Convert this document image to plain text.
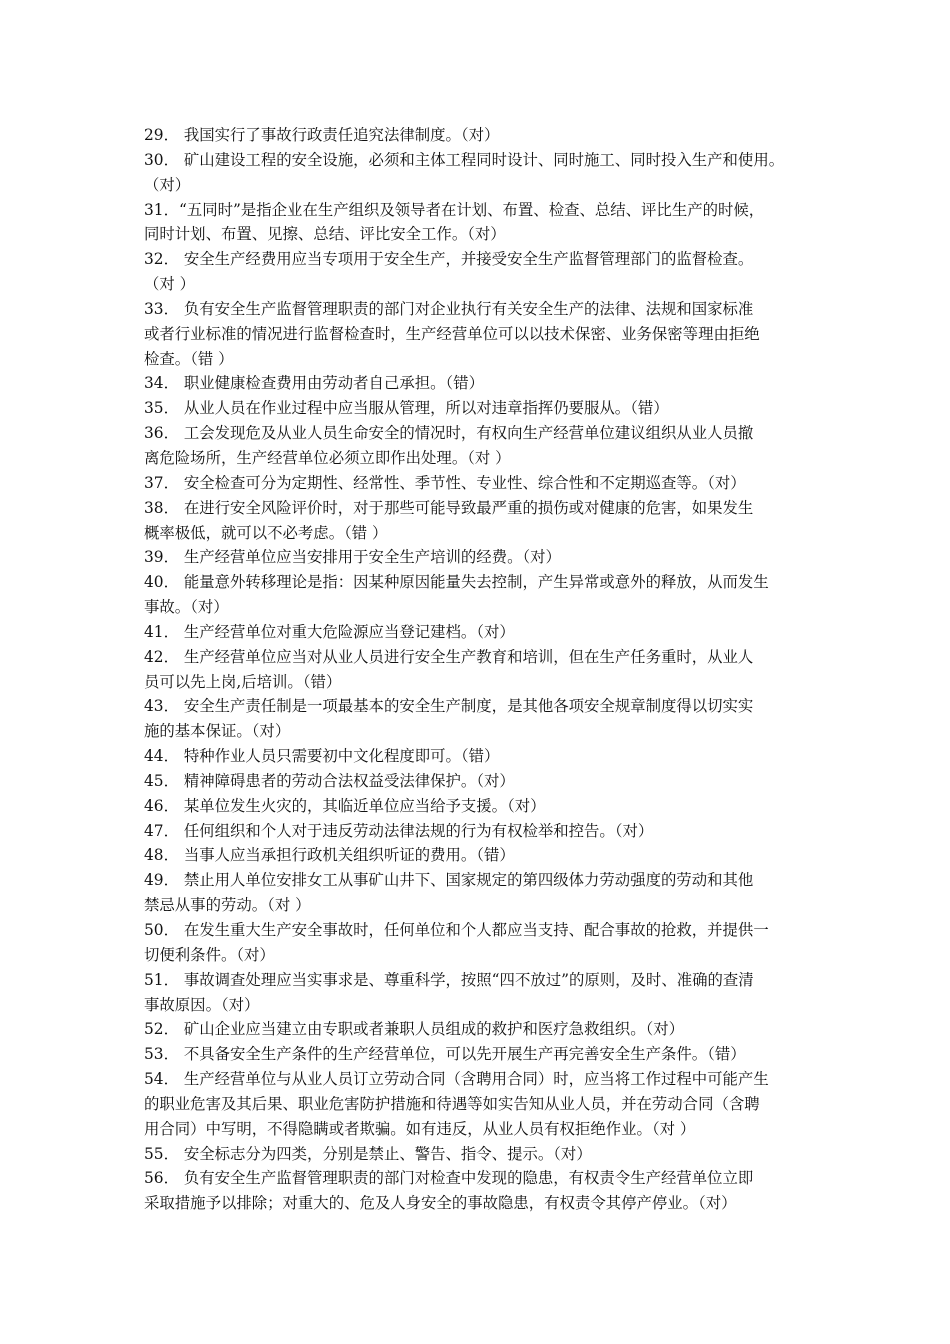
29． 我国实行了事故行政责任追究法律制度。（对）
30． 矿山建设工程的安全设施，必须和主体工程同时设计、同时施工、同时投入生产和使用。
（对）
31．“五同时”是指企业在生产组织及领导者在计划、布置、检查、总结、评比生产的时候，
同时计划、布置、见擦、总结、评比安全工作。（对）
32． 安全生产经费用应当专项用于安全生产，并接受安全生产监督管理部门的监督检查。
（对 ）
33． 负有安全生产监督管理职责的部门对企业执行有关安全生产的法律、法规和国家标准
或者行业标准的情况进行监督检查时，生产经营单位可以以技术保密、业务保密等理由拒绝
检查。（错 ）
34． 职业健康检查费用由劳动者自己承担。（错）
35． 从业人员在作业过程中应当服从管理，所以对违章指挥仍要服从。（错）
36． 工会发现危及从业人员生命安全的情况时，有权向生产经营单位建议组织从业人员撤
离危险场所，生产经营单位必须立即作出处理。（对 ）
37． 安全检查可分为定期性、经常性、季节性、专业性、综合性和不定期巡查等。（对）
38． 在进行安全风险评价时，对于那些可能导致最严重的损伤或对健康的危害，如果发生
概率极低，就可以不必考虑。（错 ）
39． 生产经营单位应当安排用于安全生产培训的经费。（对）
40． 能量意外转移理论是指：因某种原因能量失去控制，产生异常或意外的释放，从而发生
事故。（对）
41． 生产经营单位对重大危险源应当登记建档。（对）
42． 生产经营单位应当对从业人员进行安全生产教育和培训，但在生产任务重时，从业人
员可以先上岗,后培训。（错）
43． 安全生产责任制是一项最基本的安全生产制度，是其他各项安全规章制度得以切实实
施的基本保证。（对）
44． 特种作业人员只需要初中文化程度即可。（错）
45． 精神障碍患者的劳动合法权益受法律保护。（对）
46． 某单位发生火灾的，其临近单位应当给予支援。（对）
47． 任何组织和个人对于违反劳动法律法规的行为有权检举和控告。（对）
48． 当事人应当承担行政机关组织听证的费用。（错）
49． 禁止用人单位安排女工从事矿山井下、国家规定的第四级体力劳动强度的劳动和其他
禁忌从事的劳动。（对 ）
50． 在发生重大生产安全事故时，任何单位和个人都应当支持、配合事故的抢救，并提供一
切便利条件。（对）
51． 事故调查处理应当实事求是、尊重科学，按照“四不放过”的原则，及时、准确的查清
事故原因。（对）
52． 矿山企业应当建立由专职或者兼职人员组成的救护和医疗急救组织。（对）
53． 不具备安全生产条件的生产经营单位，可以先开展生产再完善安全生产条件。（错）
54． 生产经营单位与从业人员订立劳动合同（含聘用合同）时，应当将工作过程中可能产生
的职业危害及其后果、职业危害防护措施和待遇等如实告知从业人员，并在劳动合同（含聘
用合同）中写明，不得隐瞒或者欺骗。如有违反，从业人员有权拒绝作业。（对 ）
55． 安全标志分为四类，分别是禁止、警告、指令、提示。（对）
56． 负有安全生产监督管理职责的部门对检查中发现的隐患，有权责令生产经营单位立即
采取措施予以排除；对重大的、危及人身安全的事故隐患，有权责令其停产停业。（对）
